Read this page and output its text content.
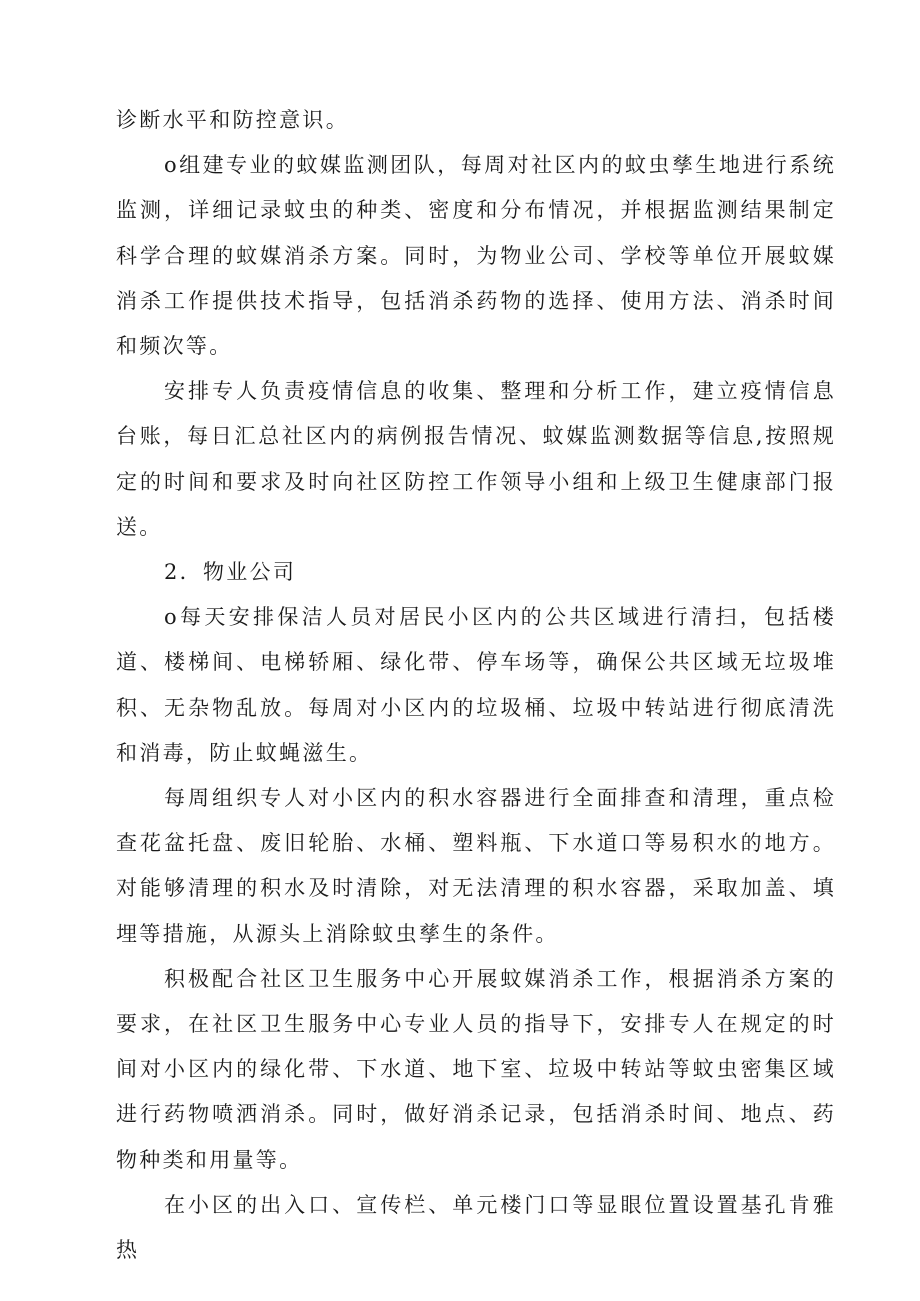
诊断水平和防控意识。

o组建专业的蚊媒监测团队，每周对社区内的蚊虫孳生地进行系统监测，详细记录蚊虫的种类、密度和分布情况，并根据监测结果制定科学合理的蚊媒消杀方案。同时，为物业公司、学校等单位开展蚊媒消杀工作提供技术指导，包括消杀药物的选择、使用方法、消杀时间和频次等。

安排专人负责疫情信息的收集、整理和分析工作，建立疫情信息台账，每日汇总社区内的病例报告情况、蚊媒监测数据等信息,按照规定的时间和要求及时向社区防控工作领导小组和上级卫生健康部门报送。

2．物业公司

o每天安排保洁人员对居民小区内的公共区域进行清扫，包括楼道、楼梯间、电梯轿厢、绿化带、停车场等，确保公共区域无垃圾堆积、无杂物乱放。每周对小区内的垃圾桶、垃圾中转站进行彻底清洗和消毒，防止蚊蝇滋生。

每周组织专人对小区内的积水容器进行全面排查和清理，重点检查花盆托盘、废旧轮胎、水桶、塑料瓶、下水道口等易积水的地方。对能够清理的积水及时清除，对无法清理的积水容器，采取加盖、填埋等措施，从源头上消除蚊虫孳生的条件。

积极配合社区卫生服务中心开展蚊媒消杀工作，根据消杀方案的要求，在社区卫生服务中心专业人员的指导下，安排专人在规定的时间对小区内的绿化带、下水道、地下室、垃圾中转站等蚊虫密集区域进行药物喷洒消杀。同时，做好消杀记录，包括消杀时间、地点、药物种类和用量等。

在小区的出入口、宣传栏、单元楼门口等显眼位置设置基孔肯雅热
